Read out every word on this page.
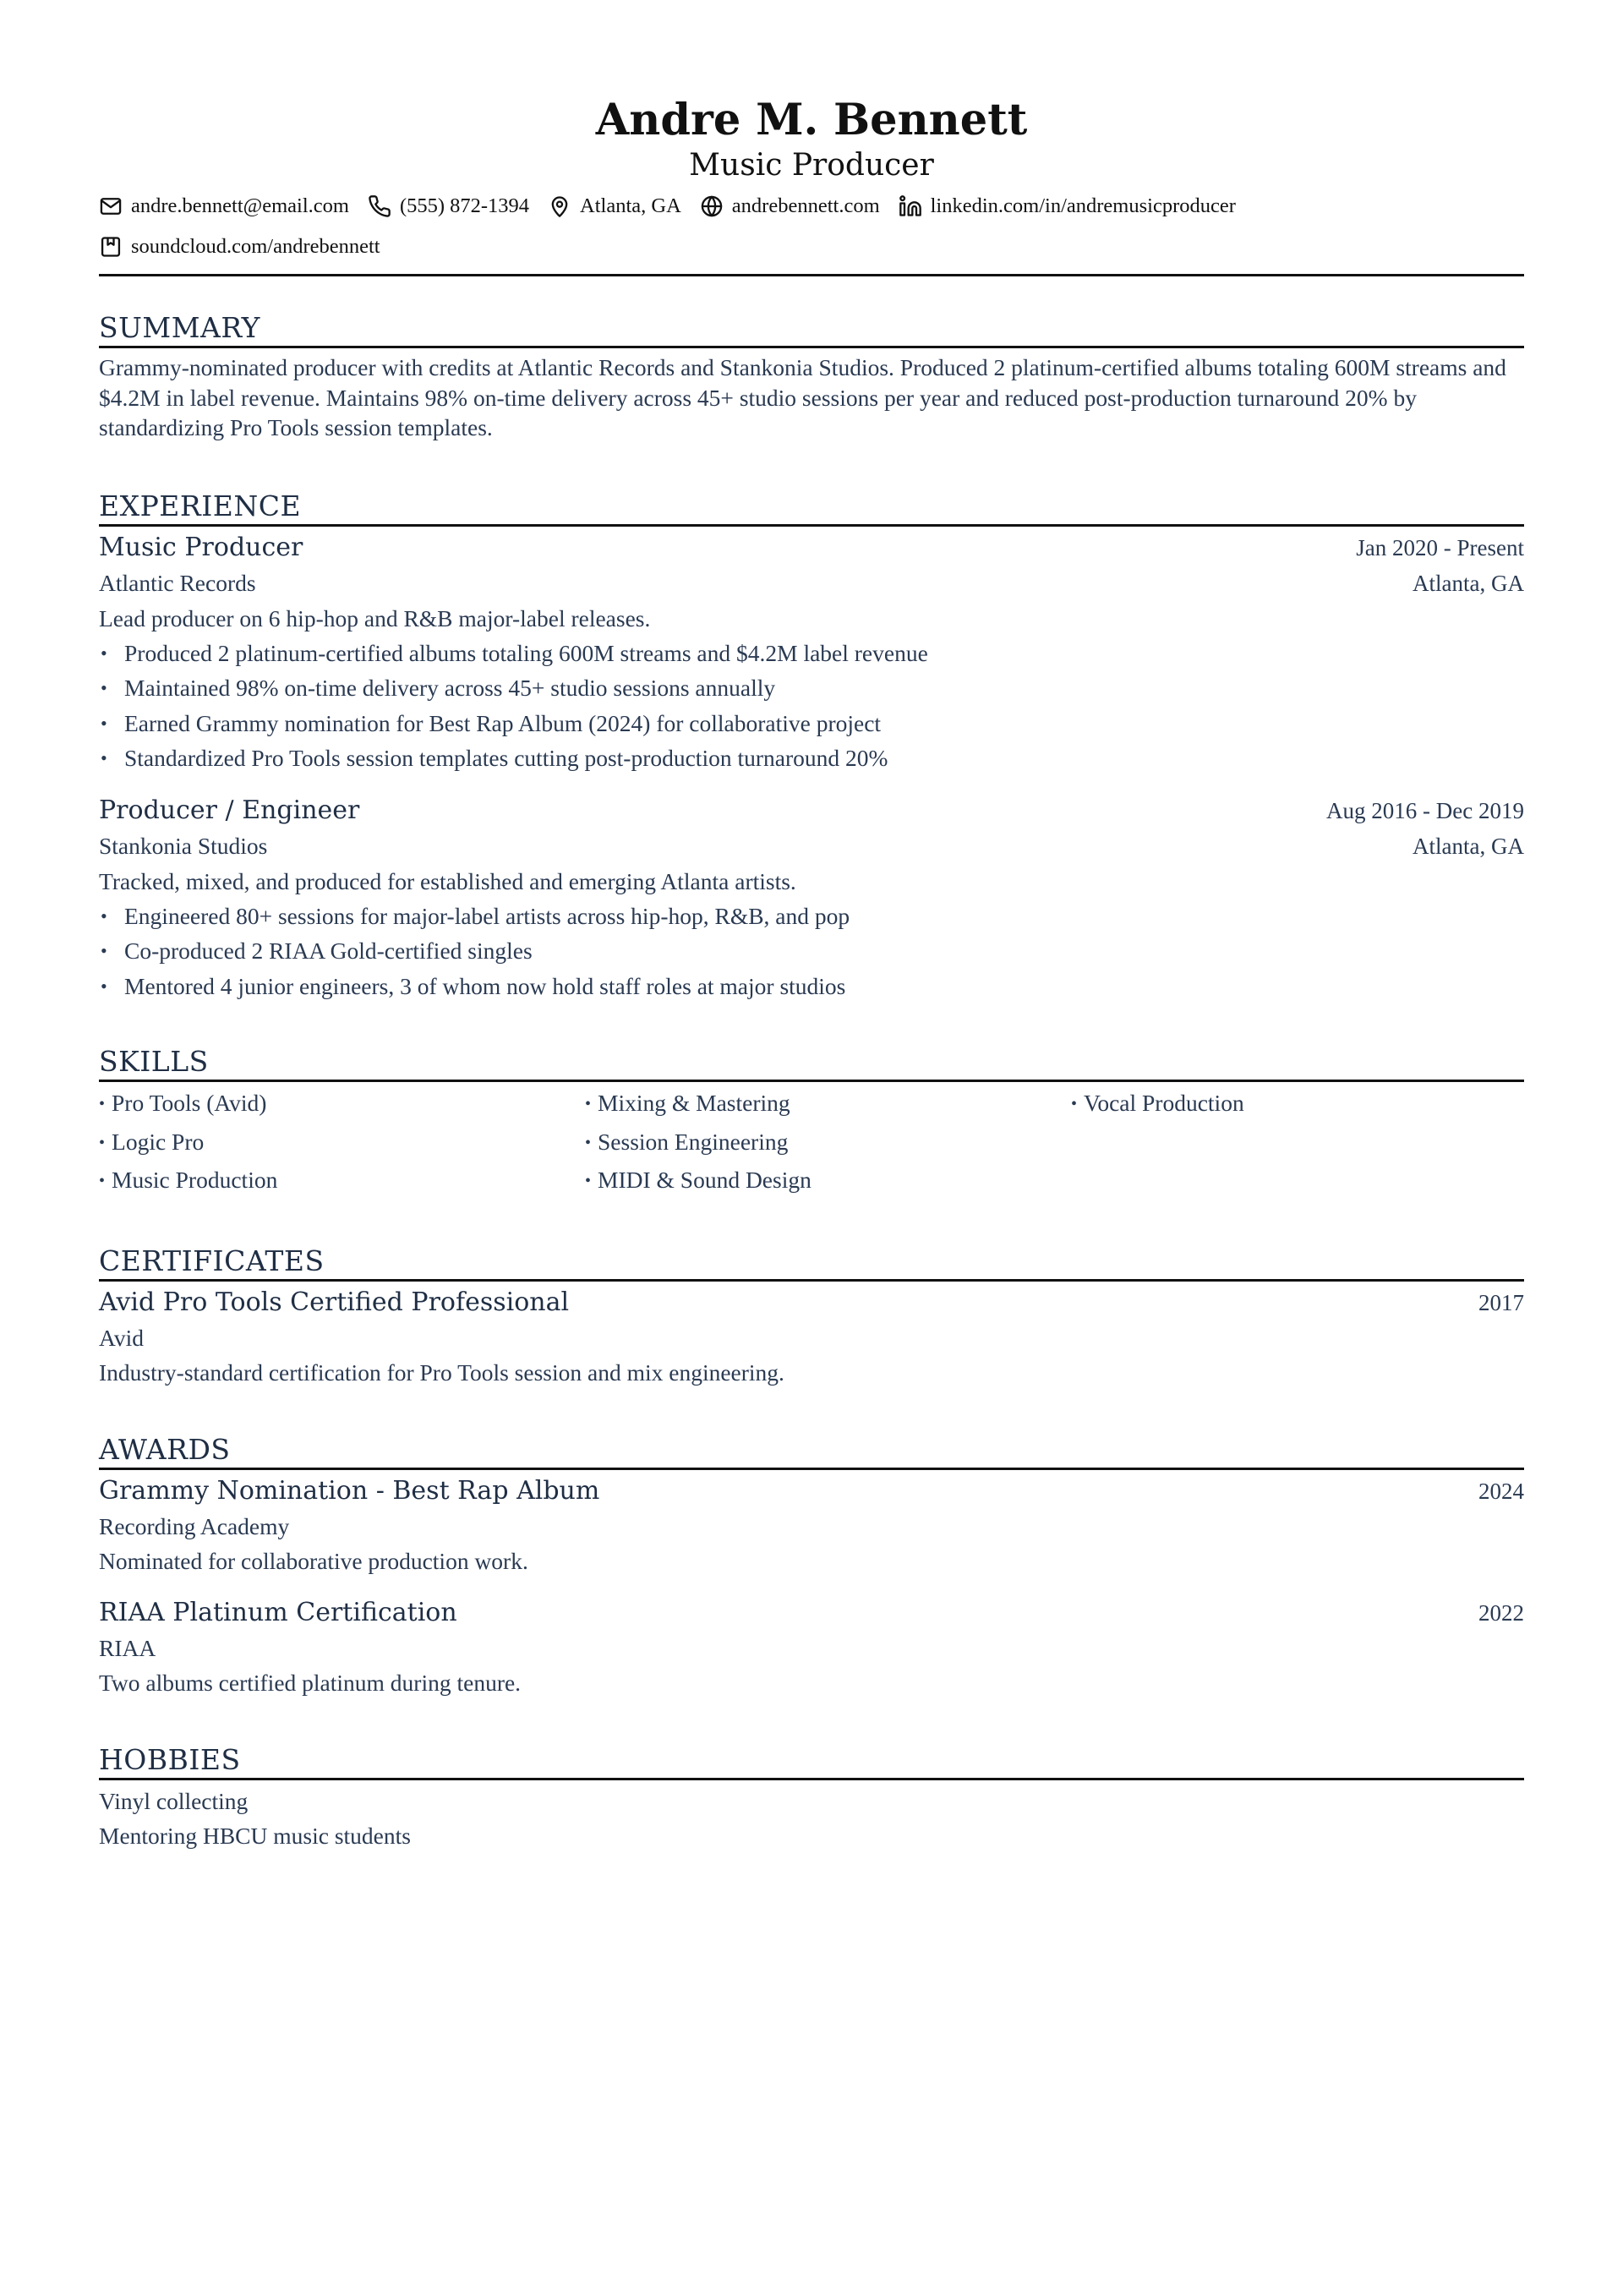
Andre M. Bennett
Music Producer
andre.bennett@email.com (555) 872-1394 Atlanta, GA andrebennett.com linkedin.com/in/andremusicproducer
soundcloud.com/andrebennett
SUMMARY
Grammy-nominated producer with credits at Atlantic Records and Stankonia Studios. Produced 2 platinum-certified albums totaling 600M streams and $4.2M in label revenue. Maintains 98% on-time delivery across 45+ studio sessions per year and reduced post-production turnaround 20% by standardizing Pro Tools session templates.
EXPERIENCE
Music Producer	Jan 2020 - Present
Atlantic Records	Atlanta, GA
Lead producer on 6 hip-hop and R&B major-label releases.
• Produced 2 platinum-certified albums totaling 600M streams and $4.2M label revenue
• Maintained 98% on-time delivery across 45+ studio sessions annually
• Earned Grammy nomination for Best Rap Album (2024) for collaborative project
• Standardized Pro Tools session templates cutting post-production turnaround 20%
Producer / Engineer	Aug 2016 - Dec 2019
Stankonia Studios	Atlanta, GA
Tracked, mixed, and produced for established and emerging Atlanta artists.
• Engineered 80+ sessions for major-label artists across hip-hop, R&B, and pop
• Co-produced 2 RIAA Gold-certified singles
• Mentored 4 junior engineers, 3 of whom now hold staff roles at major studios
SKILLS
• Pro Tools (Avid)	• Mixing & Mastering	• Vocal Production
• Logic Pro	• Session Engineering
• Music Production	• MIDI & Sound Design
CERTIFICATES
Avid Pro Tools Certified Professional	2017
Avid
Industry-standard certification for Pro Tools session and mix engineering.
AWARDS
Grammy Nomination - Best Rap Album	2024
Recording Academy
Nominated for collaborative production work.
RIAA Platinum Certification	2022
RIAA
Two albums certified platinum during tenure.
HOBBIES
Vinyl collecting
Mentoring HBCU music students
